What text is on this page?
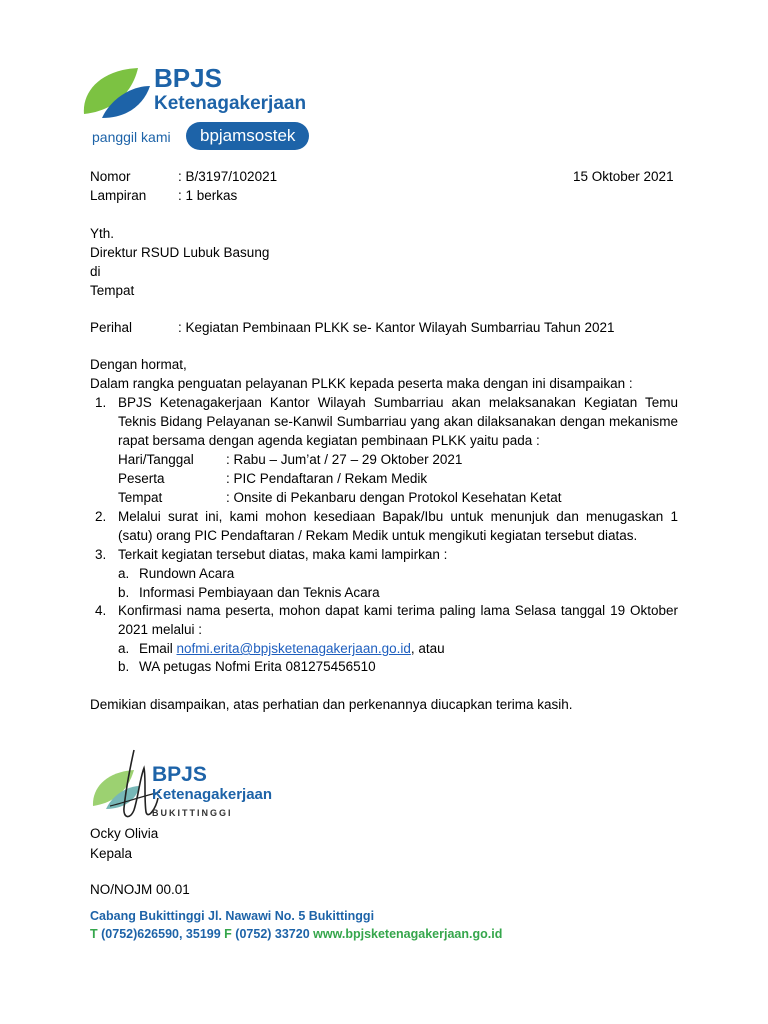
BPJS
Ketenagakerjaan
panggil kami	bpjamsostek
Nomor	: B/3197/102021	15 Oktober 2021
Lampiran : 1 berkas
Yth.
Direktur RSUD Lubuk Basung
di
Tempat
Perihal	: Kegiatan Pembinaan PLKK se- Kantor Wilayah Sumbarriau Tahun 2021
Dengan hormat,
Dalam rangka penguatan pelayanan PLKK kepada peserta maka dengan ini disampaikan :
1. BPJS Ketenagakerjaan Kantor Wilayah Sumbarriau akan melaksanakan Kegiatan Temu Teknis Bidang Pelayanan se-Kanwil Sumbarriau yang akan dilaksanakan dengan mekanisme rapat bersama dengan agenda kegiatan pembinaan PLKK yaitu pada :
Hari/Tanggal : Rabu – Jum’at / 27 – 29 Oktober 2021
Peserta	: PIC Pendaftaran / Rekam Medik
Tempat	: Onsite di Pekanbaru dengan Protokol Kesehatan Ketat
2. Melalui surat ini, kami mohon kesediaan Bapak/Ibu untuk menunjuk dan menugaskan 1 (satu) orang PIC Pendaftaran / Rekam Medik untuk mengikuti kegiatan tersebut diatas.
3. Terkait kegiatan tersebut diatas, maka kami lampirkan :
a. Rundown Acara
b. Informasi Pembiayaan dan Teknis Acara
4. Konfirmasi nama peserta, mohon dapat kami terima paling lama Selasa tanggal 19 Oktober 2021 melalui :
a. Email nofmi.erita@bpjsketenagakerjaan.go.id, atau
b. WA petugas Nofmi Erita 081275456510
Demikian disampaikan, atas perhatian dan perkenannya diucapkan terima kasih.
BPJS
Ketenagakerjaan
BUKITTINGGI
Ocky Olivia
Kepala
NO/NOJM 00.01
Cabang Bukittinggi Jl. Nawawi No. 5 Bukittinggi
T (0752)626590, 35199 F (0752) 33720 www.bpjsketenagakerjaan.go.id
